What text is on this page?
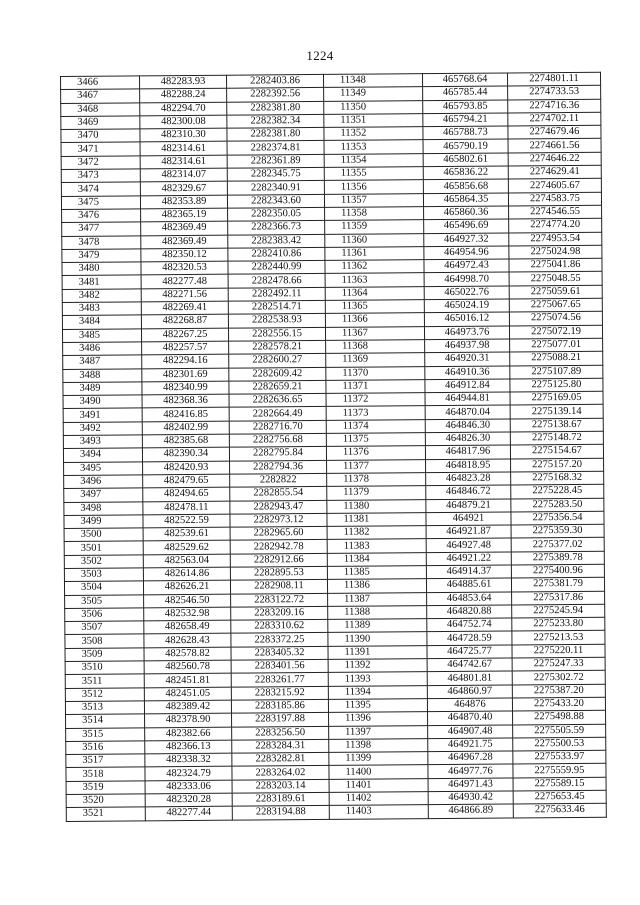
1224
3466	482283.93	2282403.86	11348	465768.64	2274801.11
3467	482288.24	2282392.56	11349	465785.44	2274733.53
3468	482294.70	2282381.80	11350	465793.85	2274716.36
3469	482300.08	2282382.34	11351	465794.21	2274702.11
3470	482310.30	2282381.80	11352	465788.73	2274679.46
3471	482314.61	2282374.81	11353	465790.19	2274661.56
3472	482314.61	2282361.89	11354	465802.61	2274646.22
3473	482314.07	2282345.75	11355	465836.22	2274629.41
3474	482329.67	2282340.91	11356	465856.68	2274605.67
3475	482353.89	2282343.60	11357	465864.35	2274583.75
3476	482365.19	2282350.05	11358	465860.36	2274546.55
3477	482369.49	2282366.73	11359	465496.69	2274774.20
3478	482369.49	2282383.42	11360	464927.32	2274953.54
3479	482350.12	2282410.86	11361	464954.96	2275024.98
3480	482320.53	2282440.99	11362	464972.43	2275041.86
3481	482277.48	2282478.66	11363	464998.70	2275048.55
3482	482271.56	2282492.11	11364	465022.76	2275059.61
3483	482269.41	2282514.71	11365	465024.19	2275067.65
3484	482268.87	2282538.93	11366	465016.12	2275074.56
3485	482267.25	2282556.15	11367	464973.76	2275072.19
3486	482257.57	2282578.21	11368	464937.98	2275077.01
3487	482294.16	2282600.27	11369	464920.31	2275088.21
3488	482301.69	2282609.42	11370	464910.36	2275107.89
3489	482340.99	2282659.21	11371	464912.84	2275125.80
3490	482368.36	2282636.65	11372	464944.81	2275169.05
3491	482416.85	2282664.49	11373	464870.04	2275139.14
3492	482402.99	2282716.70	11374	464846.30	2275138.67
3493	482385.68	2282756.68	11375	464826.30	2275148.72
3494	482390.34	2282795.84	11376	464817.96	2275154.67
3495	482420.93	2282794.36	11377	464818.95	2275157.20
3496	482479.65	2282822	11378	464823.28	2275168.32
3497	482494.65	2282855.54	11379	464846.72	2275228.45
3498	482478.11	2282943.47	11380	464879.21	2275283.50
3499	482522.59	2282973.12	11381	464921	2275356.54
3500	482539.61	2282965.60	11382	464921.87	2275359.30
3501	482529.62	2282942.78	11383	464927.48	2275377.02
3502	482563.04	2282912.66	11384	464921.22	2275389.78
3503	482614.86	2282895.53	11385	464914.37	2275400.96
3504	482626.21	2282908.11	11386	464885.61	2275381.79
3505	482546.50	2283122.72	11387	464853.64	2275317.86
3506	482532.98	2283209.16	11388	464820.88	2275245.94
3507	482658.49	2283310.62	11389	464752.74	2275233.80
3508	482628.43	2283372.25	11390	464728.59	2275213.53
3509	482578.82	2283405.32	11391	464725.77	2275220.11
3510	482560.78	2283401.56	11392	464742.67	2275247.33
3511	482451.81	2283261.77	11393	464801.81	2275302.72
3512	482451.05	2283215.92	11394	464860.97	2275387.20
3513	482389.42	2283185.86	11395	464876	2275433.20
3514	482378.90	2283197.88	11396	464870.40	2275498.88
3515	482382.66	2283256.50	11397	464907.48	2275505.59
3516	482366.13	2283284.31	11398	464921.75	2275500.53
3517	482338.32	2283282.81	11399	464967.28	2275533.97
3518	482324.79	2283264.02	11400	464977.76	2275559.95
3519	482333.06	2283203.14	11401	464971.43	2275589.15
3520	482320.28	2283189.61	11402	464930.42	2275653.45
3521	482277.44	2283194.88	11403	464866.89	2275633.46
